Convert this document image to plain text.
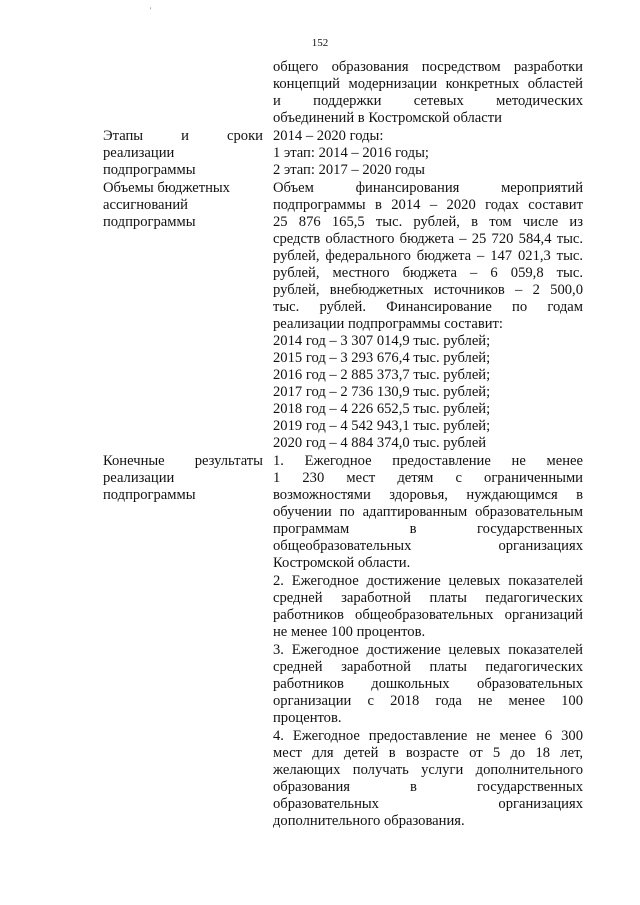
'
152
общего образования посредством разработки
концепций модернизации конкретных областей
и поддержки сетевых методических
объединений в Костромской области
Этапы и сроки
реализации
подпрограммы
2014 – 2020 годы:
1 этап: 2014 – 2016 годы;
2 этап: 2017 – 2020 годы
Объемы бюджетных
ассигнований
подпрограммы
Объем финансирования мероприятий
подпрограммы в 2014 – 2020 годах составит
25 876 165,5 тыс. рублей, в том числе из
средств областного бюджета – 25 720 584,4 тыс.
рублей, федерального бюджета – 147 021,3 тыс.
рублей, местного бюджета – 6 059,8 тыс.
рублей, внебюджетных источников – 2 500,0
тыс. рублей. Финансирование по годам
реализации подпрограммы составит:
2014 год – 3 307 014,9 тыс. рублей;
2015 год – 3 293 676,4 тыс. рублей;
2016 год – 2 885 373,7 тыс. рублей;
2017 год – 2 736 130,9 тыс. рублей;
2018 год – 4 226 652,5 тыс. рублей;
2019 год – 4 542 943,1 тыс. рублей;
2020 год – 4 884 374,0 тыс. рублей
Конечные результаты
реализации
подпрограммы
1. Ежегодное предоставление не менее
1 230 мест детям с ограниченными
возможностями здоровья, нуждающимся в
обучении по адаптированным образовательным
программам в государственных
общеобразовательных организациях
Костромской области.
2. Ежегодное достижение целевых показателей
средней заработной платы педагогических
работников общеобразовательных организаций
не менее 100 процентов.
3. Ежегодное достижение целевых показателей
средней заработной платы педагогических
работников дошкольных образовательных
организации с 2018 года не менее 100
процентов.
4. Ежегодное предоставление не менее 6 300
мест для детей в возрасте от 5 до 18 лет,
желающих получать услуги дополнительного
образования в государственных
образовательных организациях
дополнительного образования.
